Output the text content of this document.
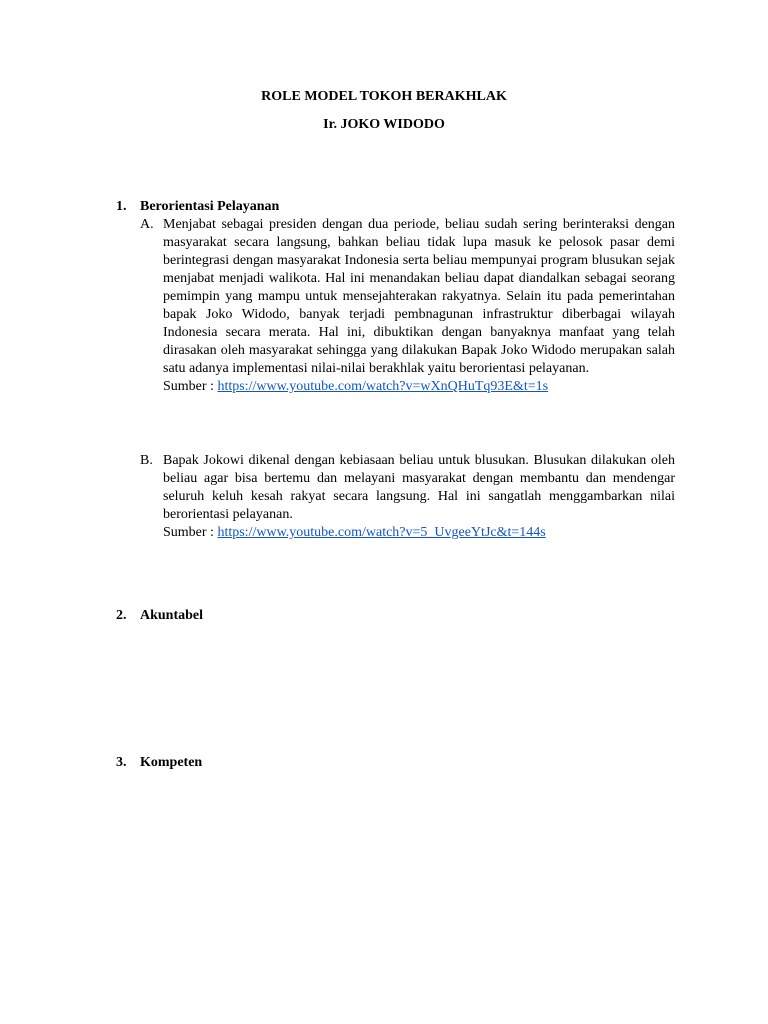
ROLE MODEL TOKOH BERAKHLAK
Ir. JOKO WIDODO

1. Berorientasi Pelayanan

A. Menjabat sebagai presiden dengan dua periode, beliau sudah sering berinteraksi dengan masyarakat secara langsung, bahkan beliau tidak lupa masuk ke pelosok pasar demi berintegrasi dengan masyarakat Indonesia serta beliau mempunyai program blusukan sejak menjabat menjadi walikota. Hal ini menandakan beliau dapat diandalkan sebagai seorang pemimpin yang mampu untuk mensejahterakan rakyatnya. Selain itu pada pemerintahan bapak Joko Widodo, banyak terjadi pembnagunan infrastruktur diberbagai wilayah Indonesia secara merata. Hal ini, dibuktikan dengan banyaknya manfaat yang telah dirasakan oleh masyarakat sehingga yang dilakukan Bapak Joko Widodo merupakan salah satu adanya implementasi nilai-nilai berakhlak yaitu berorientasi pelayanan.
Sumber : https://www.youtube.com/watch?v=wXnQHuTq93E&t=1s
B. Bapak Jokowi dikenal dengan kebiasaan beliau untuk blusukan. Blusukan dilakukan oleh beliau agar bisa bertemu dan melayani masyarakat dengan membantu dan mendengar seluruh keluh kesah rakyat secara langsung. Hal ini sangatlah menggambarkan nilai berorientasi pelayanan.
Sumber : https://www.youtube.com/watch?v=5_UvgeeYtJc&t=144s

2. Akuntabel

3. Kompeten
